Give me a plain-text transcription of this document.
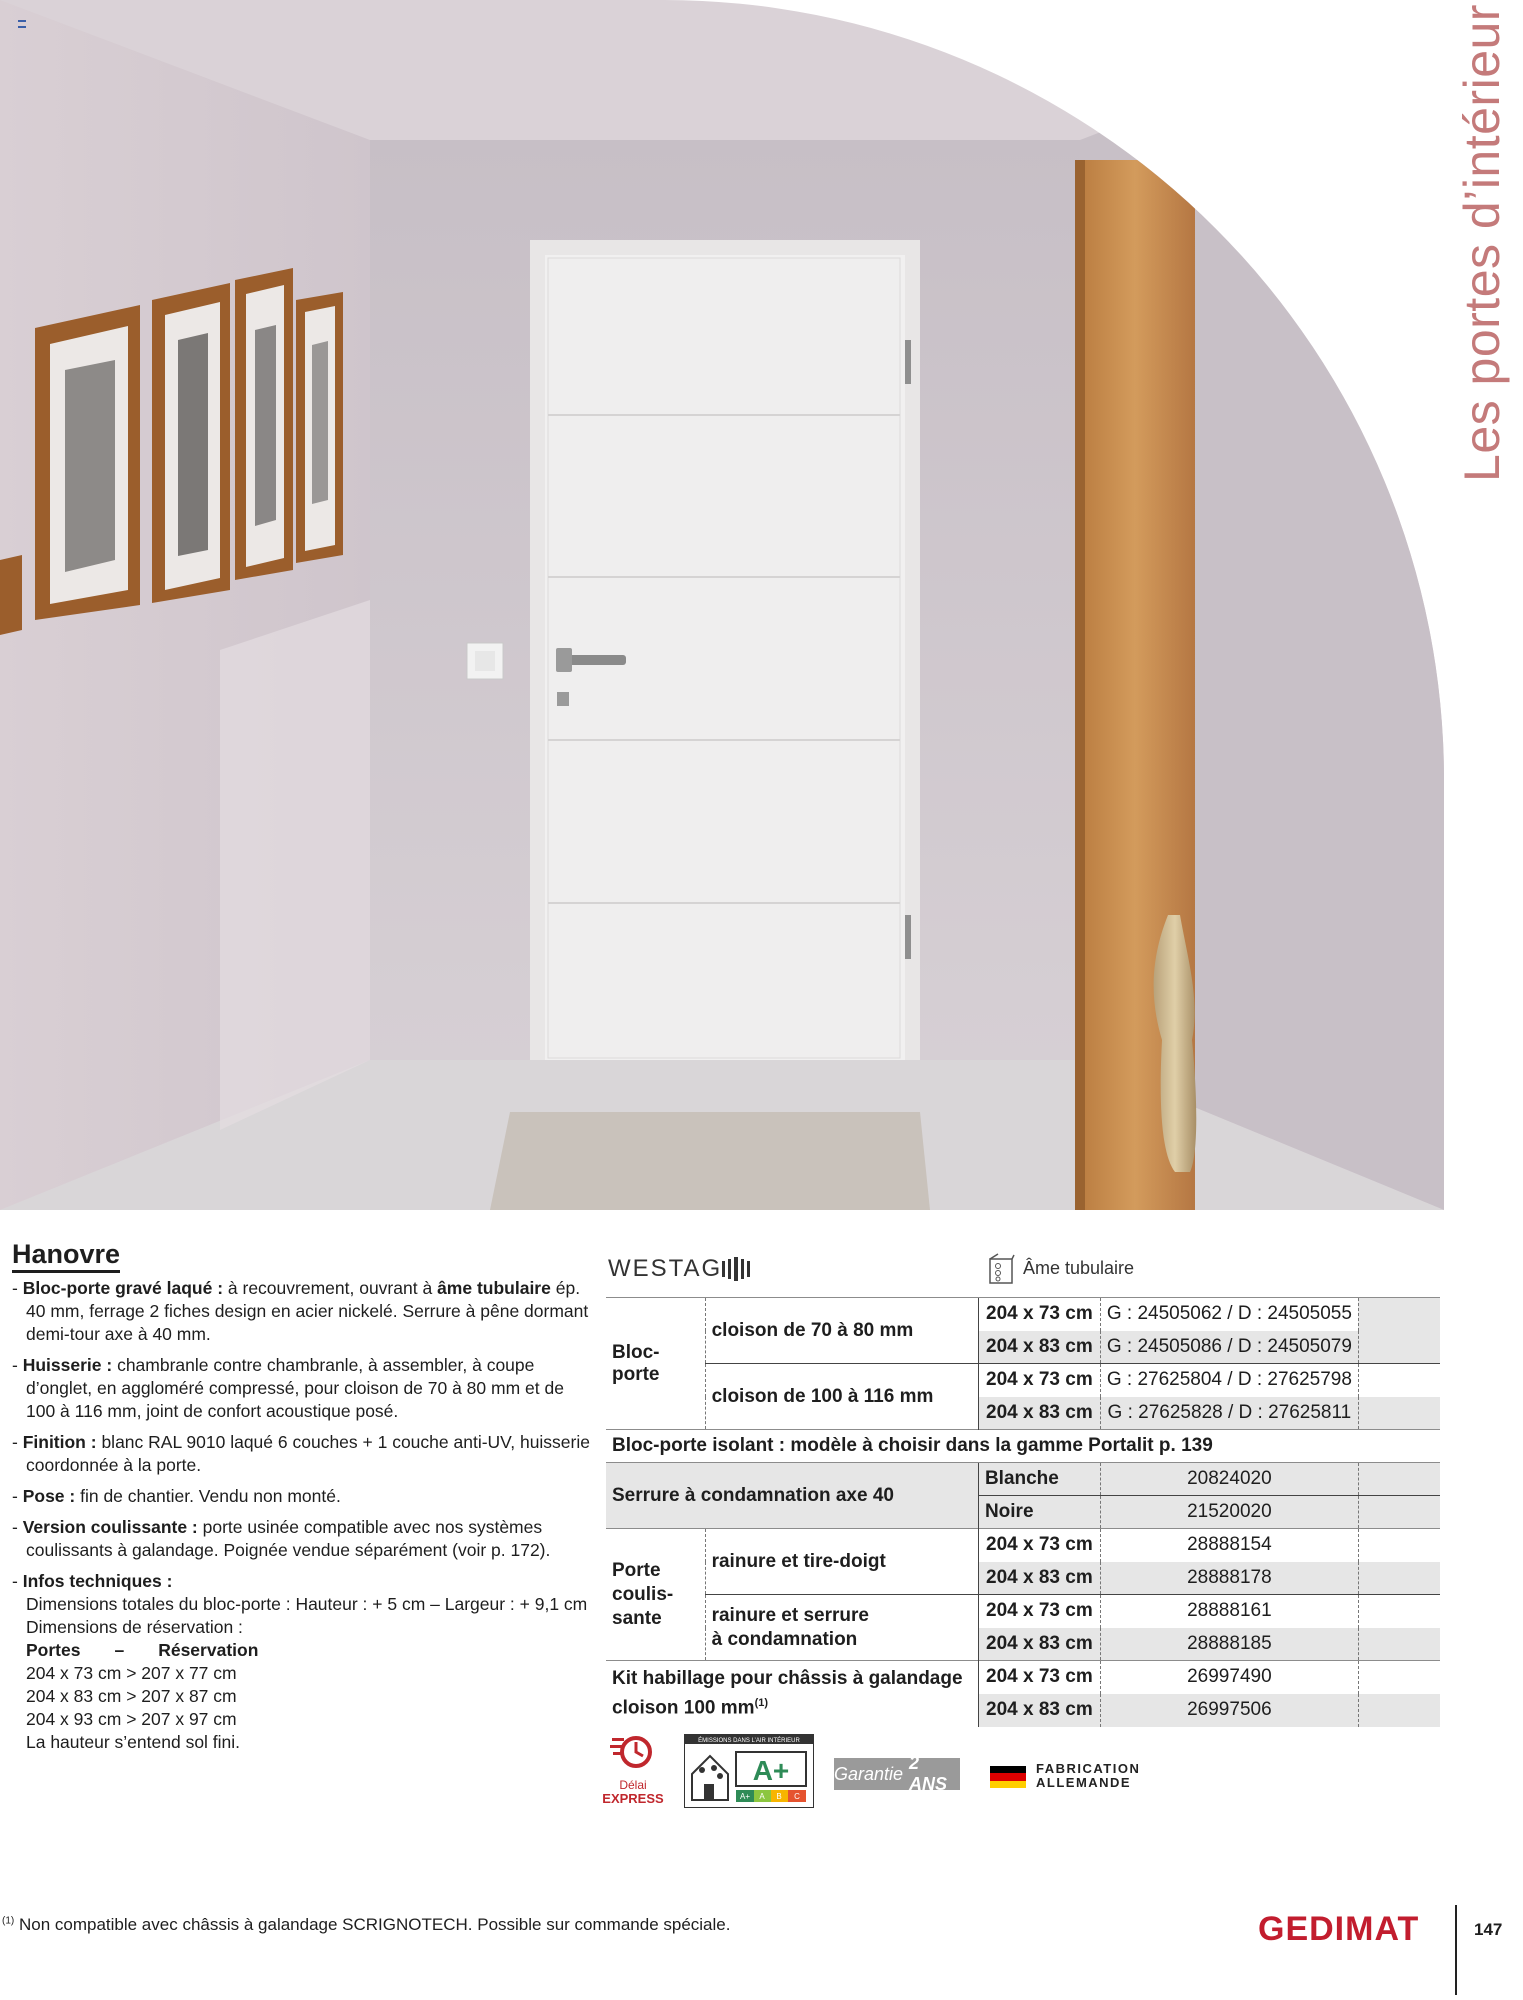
Les portes d’intérieur
Hanovre
- Bloc-porte gravé laqué : à recouvrement, ouvrant à âme tubulaire ép. 40 mm, ferrage 2 fiches design en acier nickelé. Serrure à pêne dormant demi-tour axe à 40 mm.
- Huisserie : chambranle contre chambranle, à assembler, à coupe d’onglet, en aggloméré compressé, pour cloison de 70 à 80 mm et de 100 à 116 mm, joint de confort acoustique posé.
- Finition : blanc RAL 9010 laqué 6 couches + 1 couche anti-UV, huisserie coordonnée à la porte.
- Pose : fin de chantier. Vendu non monté.
- Version coulissante : porte usinée compatible avec nos systèmes coulissants à galandage. Poignée vendue séparément (voir p. 172).
- Infos techniques :
Dimensions totales du bloc-porte : Hauteur : + 5 cm – Largeur : + 9,1 cm
Dimensions de réservation :
Portes – Réservation
204 x 73 cm > 207 x 77 cm
204 x 83 cm > 207 x 87 cm
204 x 93 cm > 207 x 97 cm
La hauteur s’entend sol fini.
WESTAG	Âme tubulaire
Bloc-porte	cloison de 70 à 80 mm	204 x 73 cm	G : 24505062 / D : 24505055	
		204 x 83 cm	G : 24505086 / D : 24505079	
	cloison de 100 à 116 mm	204 x 73 cm	G : 27625804 / D : 27625798	
		204 x 83 cm	G : 27625828 / D : 27625811	
Bloc-porte isolant : modèle à choisir dans la gamme Portalit p. 139				
Serrure à condamnation axe 40		Blanche	20824020	
		Noire	21520020	

Porte
coulis-
sante	rainure et tire-doigt	204 x 73 cm	28888154	
		204 x 83 cm	28888178	

	rainure et serrure
à condamnation	204 x 73 cm	28888161	
		204 x 83 cm	28888185	

Kit habillage pour châssis à galandage
cloison 100 $mm^{(1)}$		204 x 73 cm	26997490	
		204 x 83 cm	26997506	
Délai
EXPRESS
ÉMISSIONS DANS L’AIR INTÉRIEUR
A+
A+ A B C
Garantie
2 ANS
FABRICATION
ALLEMANDE
$^{(1)}$ Non compatible avec châssis à galandage SCRIGNOTECH. Possible sur commande spéciale.	GEDIMAT	147
